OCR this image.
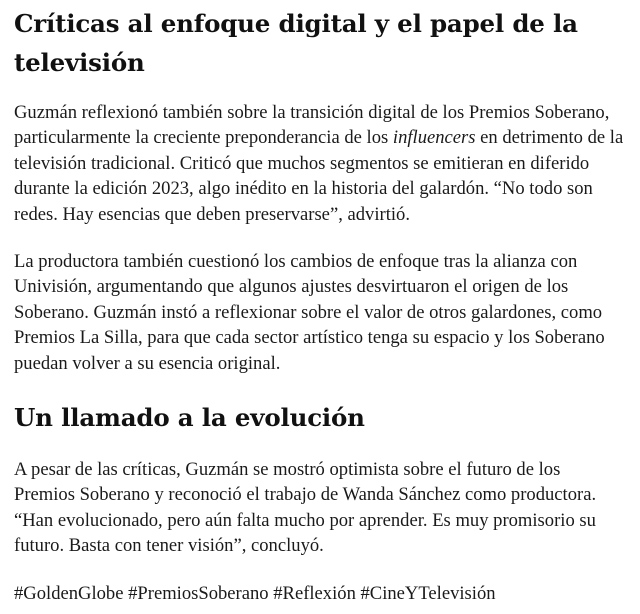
Críticas al enfoque digital y el papel de la televisión

Guzmán reflexionó también sobre la transición digital de los Premios Soberano, particularmente la creciente preponderancia de los influencers en detrimento de la televisión tradicional. Criticó que muchos segmentos se emitieran en diferido durante la edición 2023, algo inédito en la historia del galardón. “No todo son redes. Hay esencias que deben preservarse”, advirtió.

La productora también cuestionó los cambios de enfoque tras la alianza con Univisión, argumentando que algunos ajustes desvirtuaron el origen de los Soberano. Guzmán instó a reflexionar sobre el valor de otros galardones, como Premios La Silla, para que cada sector artístico tenga su espacio y los Soberano puedan volver a su esencia original.

Un llamado a la evolución

A pesar de las críticas, Guzmán se mostró optimista sobre el futuro de los Premios Soberano y reconoció el trabajo de Wanda Sánchez como productora. “Han evolucionado, pero aún falta mucho por aprender. Es muy promisorio su futuro. Basta con tener visión”, concluyó.

#GoldenGlobe #PremiosSoberano #Reflexión #CineYTelevisión
